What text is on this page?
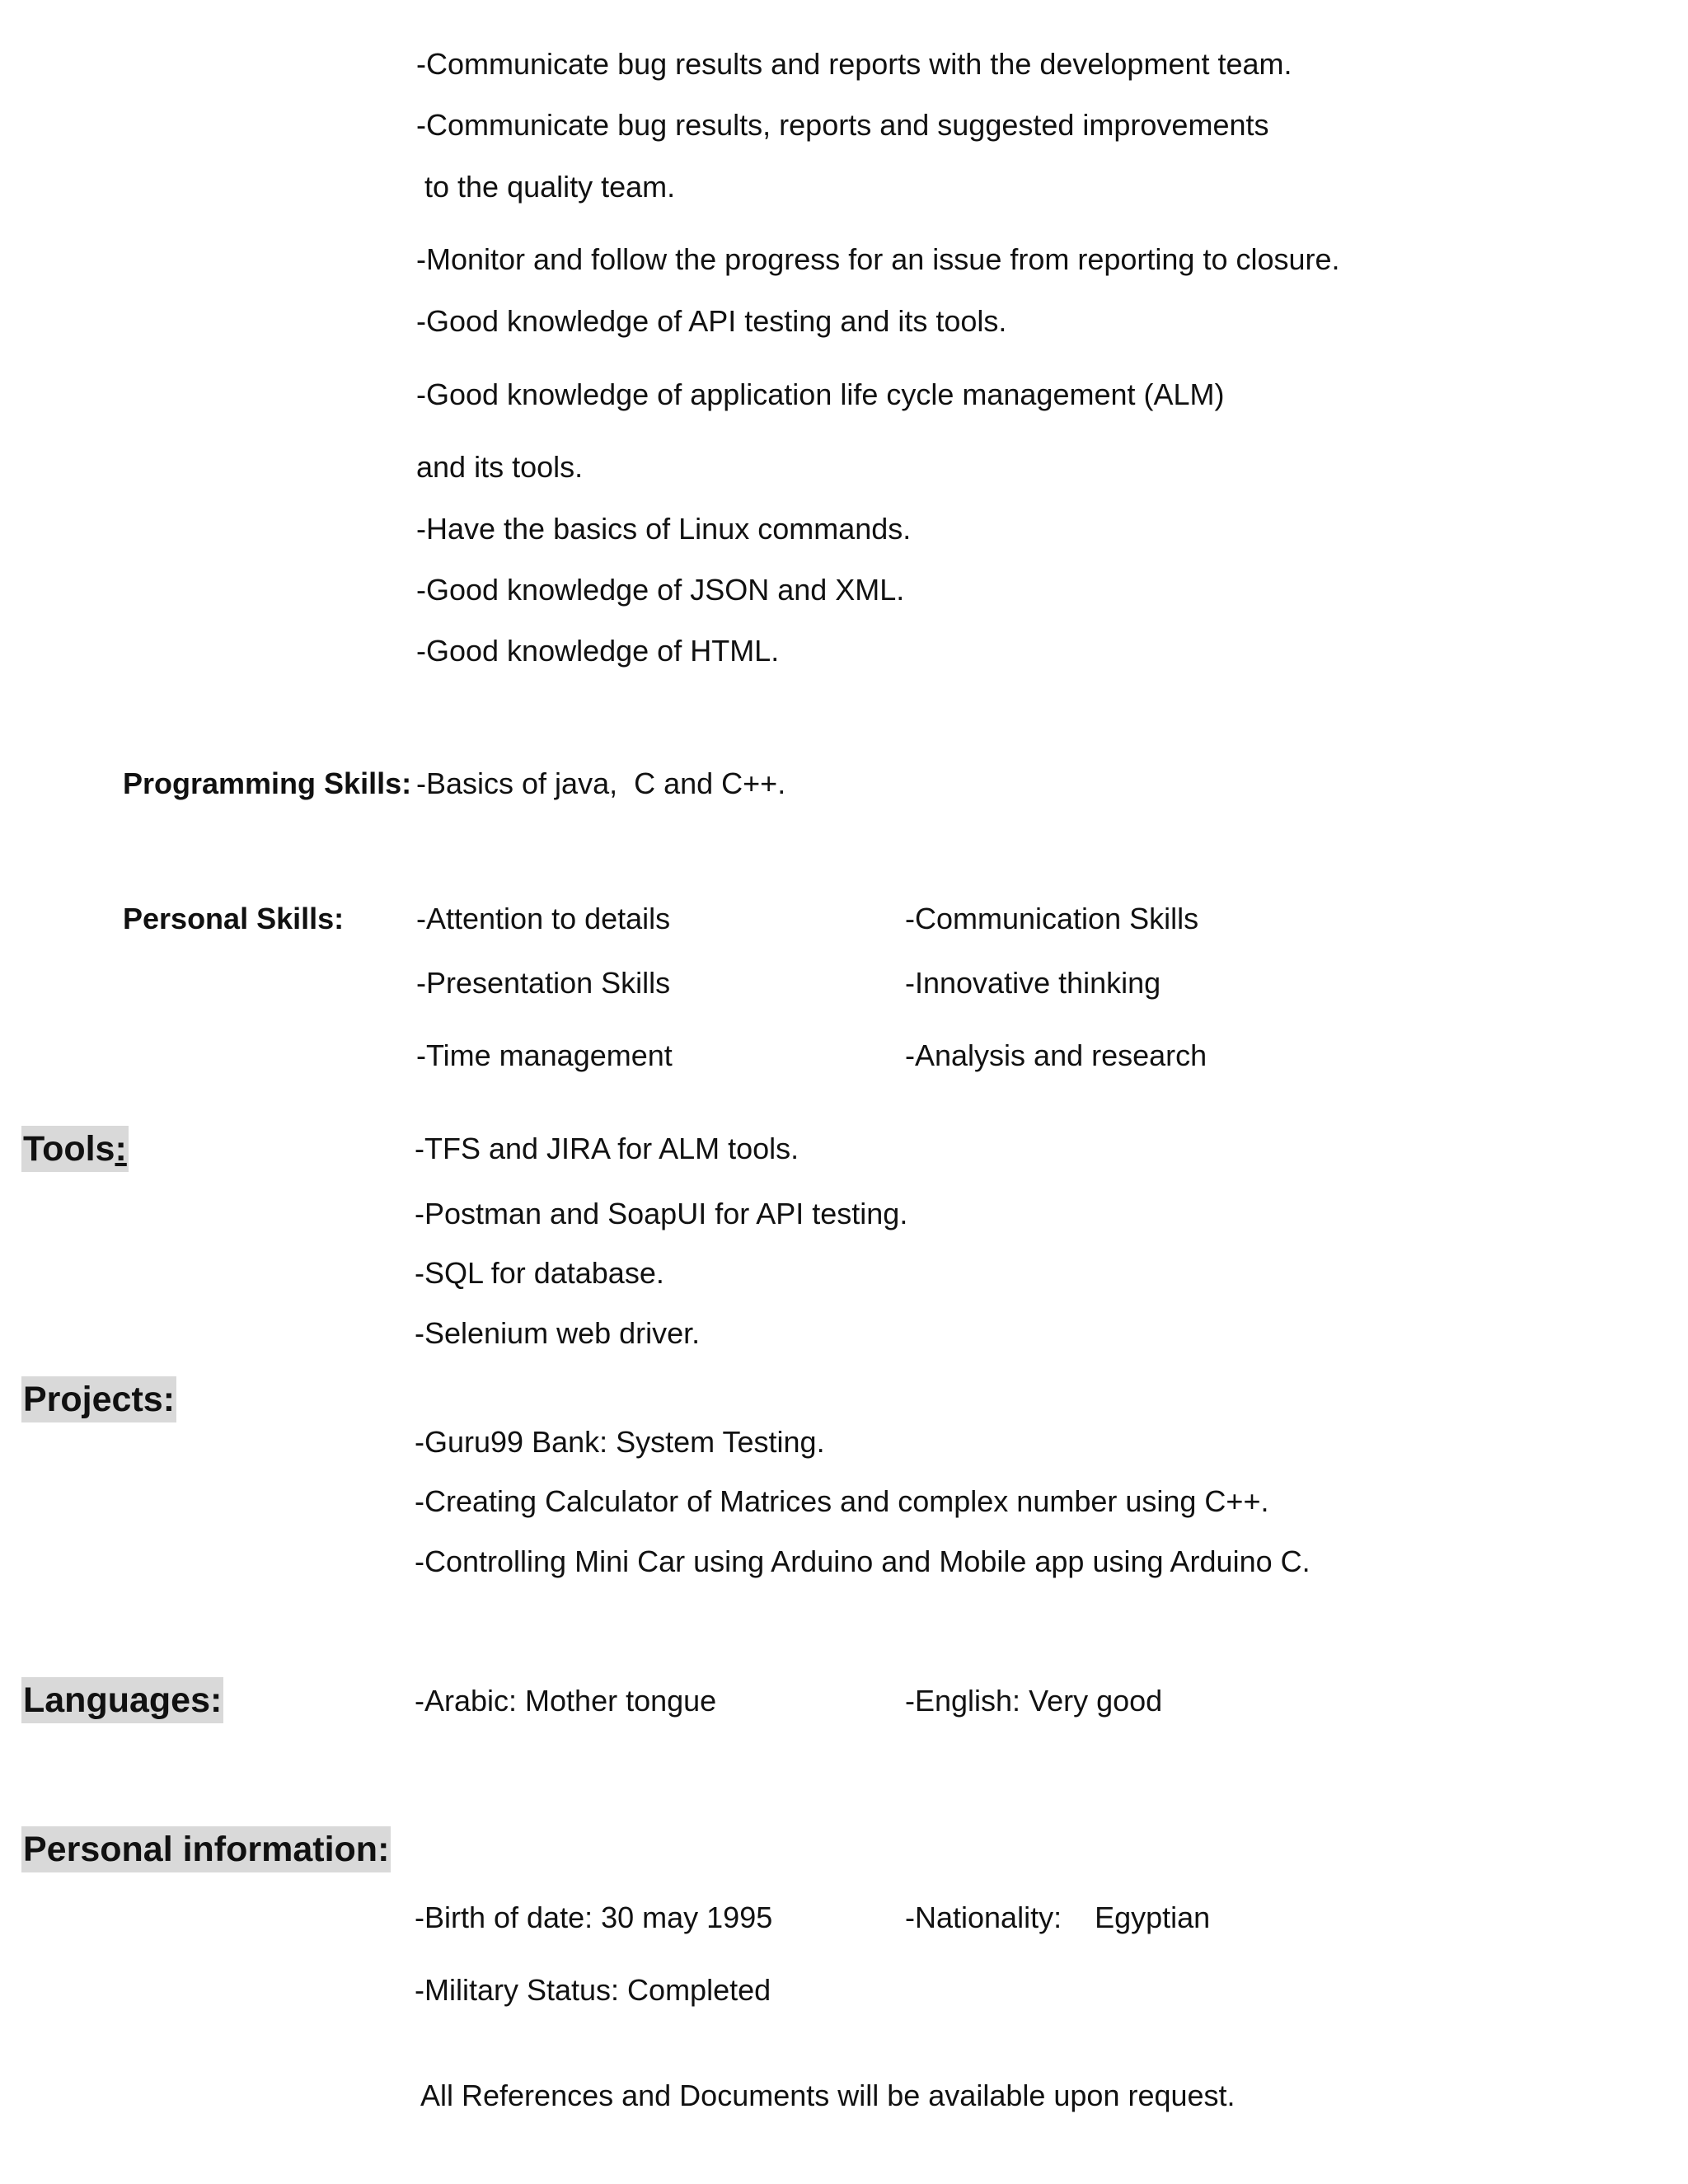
-Communicate bug results and reports with the development team.
-Communicate bug results, reports and suggested improvements
to the quality team.
-Monitor and follow the progress for an issue from reporting to closure.
-Good knowledge of API testing and its tools.
-Good knowledge of application life cycle management (ALM)
and its tools.
-Have the basics of Linux commands.
-Good knowledge of JSON and XML.
-Good knowledge of HTML.
Programming Skills: -Basics of java,  C and C++.
Personal Skills: -Attention to details	-Communication Skills
-Presentation Skills	-Innovative thinking
-Time management	-Analysis and research
Tools:	-TFS and JIRA for ALM tools.
-Postman and SoapUI for API testing.
-SQL for database.
-Selenium web driver.
Projects:
-Guru99 Bank: System Testing.
-Creating Calculator of Matrices and complex number using C++.
-Controlling Mini Car using Arduino and Mobile app using Arduino C.
Languages:	-Arabic: Mother tongue	-English: Very good
Personal information:
-Birth of date: 30 may 1995	-Nationality:    Egyptian
-Military Status: Completed
All References and Documents will be available upon request.
